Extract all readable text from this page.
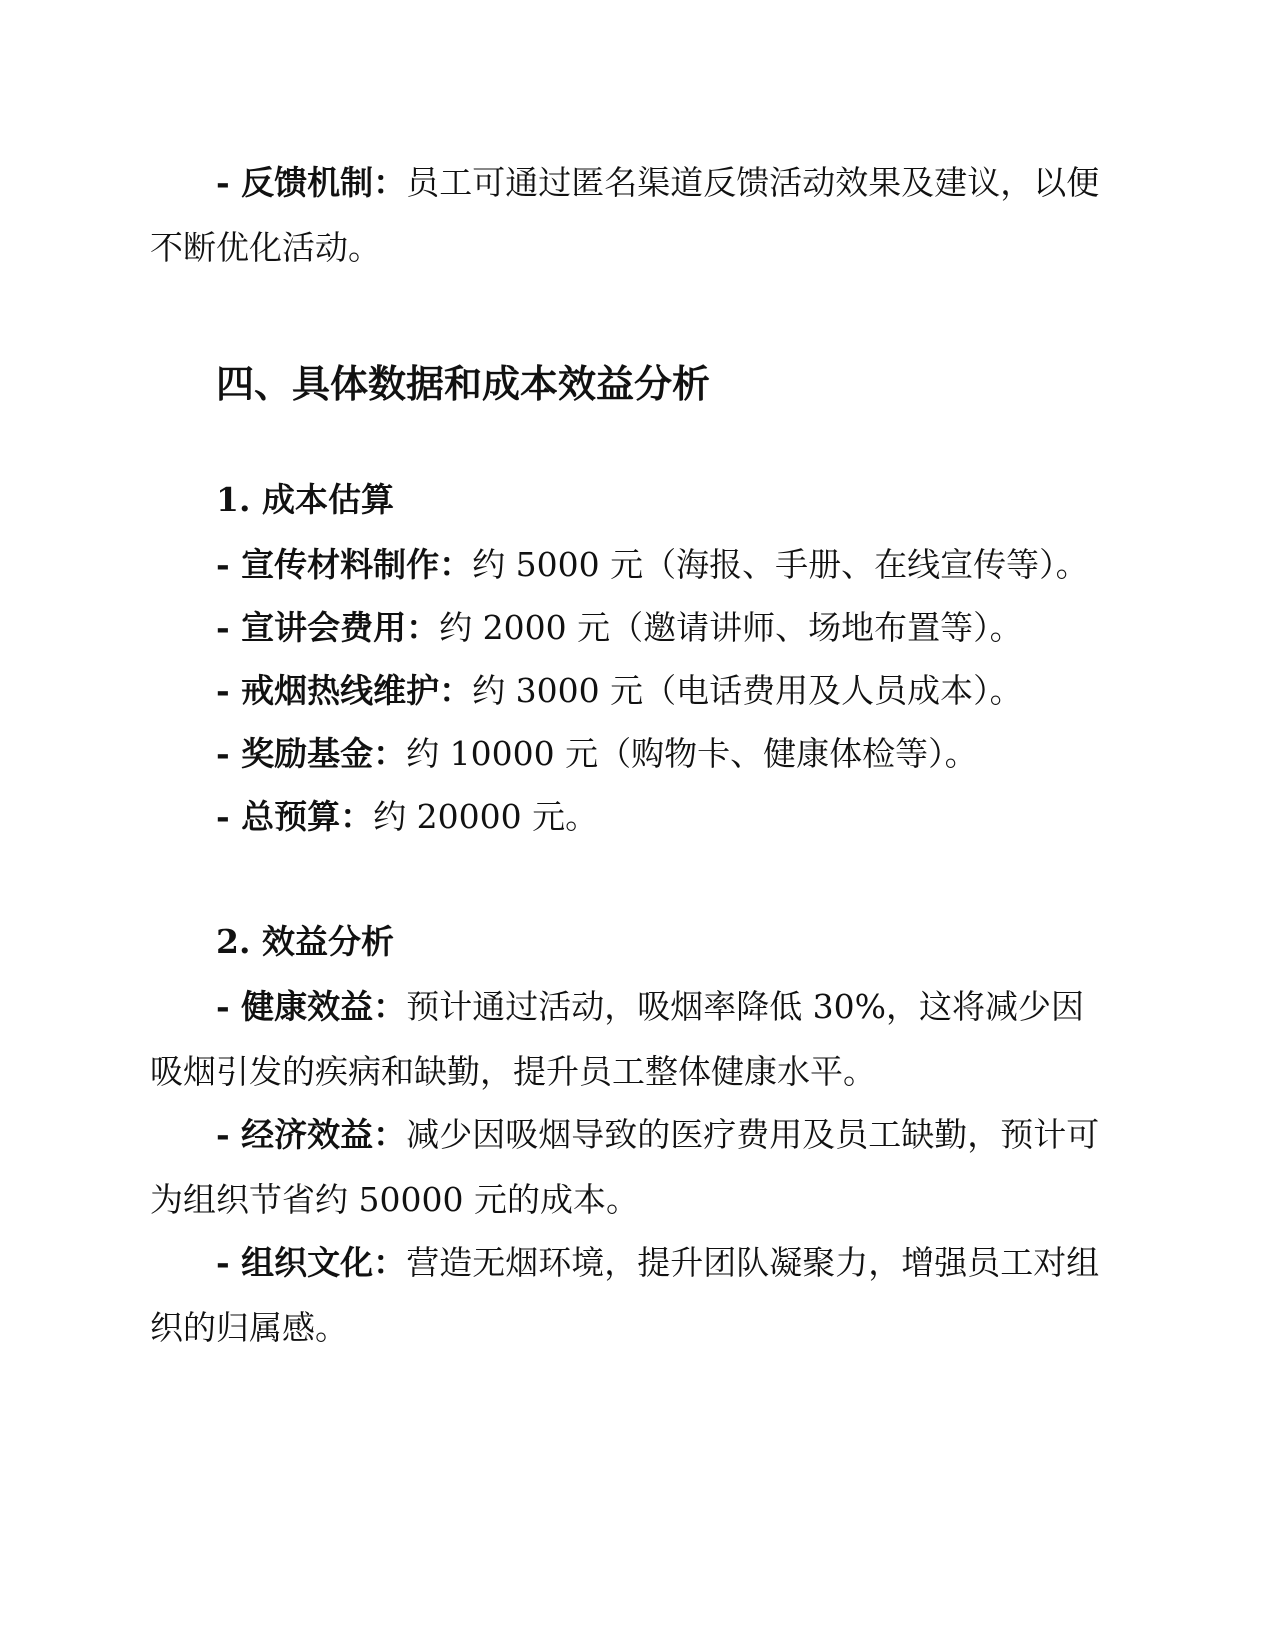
- 反馈机制：员工可通过匿名渠道反馈活动效果及建议，以便不断优化活动。

四、具体数据和成本效益分析
1. 成本估算

- 宣传材料制作：约 5000 元（海报、手册、在线宣传等）。

- 宣讲会费用：约 2000 元（邀请讲师、场地布置等）。

- 戒烟热线维护：约 3000 元（电话费用及人员成本）。

- 奖励基金：约 10000 元（购物卡、健康体检等）。

- 总预算：约 20000 元。

2. 效益分析

- 健康效益：预计通过活动，吸烟率降低 30%，这将减少因吸烟引发的疾病和缺勤，提升员工整体健康水平。

- 经济效益：减少因吸烟导致的医疗费用及员工缺勤，预计可为组织节省约 50000 元的成本。

- 组织文化：营造无烟环境，提升团队凝聚力，增强员工对组织的归属感。
